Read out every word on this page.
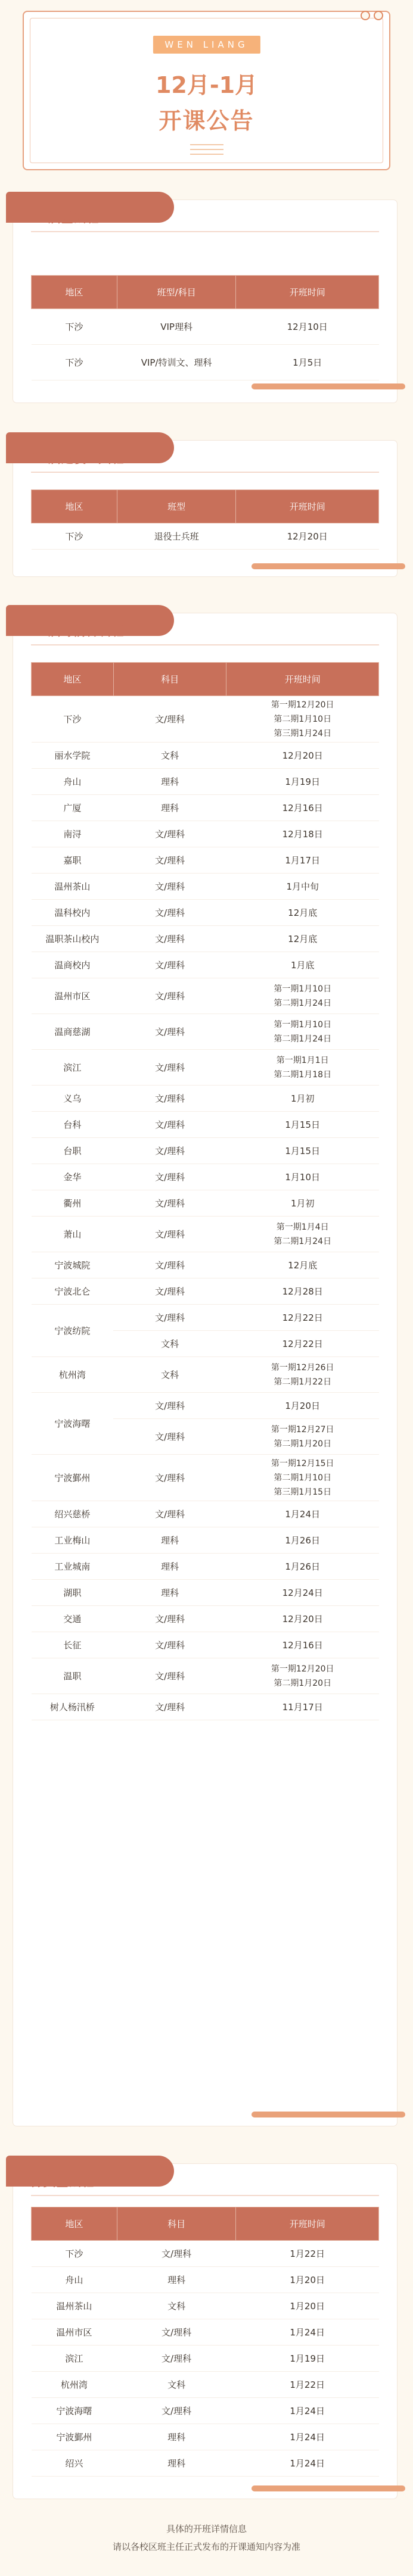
WEN LIANG
12月-1月
开课公告
26届基础班
地区	班型/科目	开班时间
下沙	VIP理科	12月10日
下沙	VIP/特训文、理科	1月5日
26届退役士兵班
地区	班型	开班时间
下沙	退役士兵班	12月20日
26届考前特训班
地区	科目	开班时间
下沙	文/理科	第一期12月20日
第二期1月10日
第三期1月24日
丽水学院	文科	12月20日
舟山	理科	1月19日
广厦	理科	12月16日
南浔	文/理科	12月18日
嘉职	文/理科	1月17日
温州茶山	文/理科	1月中旬
温科校内	文/理科	12月底
温职茶山校内	文/理科	12月底
温商校内	文/理科	1月底
温州市区	文/理科	第一期1月10日
第二期1月24日
温商慈湖	文/理科	第一期1月10日
第二期1月24日
滨江	文/理科	第一期1月1日
第二期1月18日
义乌	文/理科	1月初
台科	文/理科	1月15日
台职	文/理科	1月15日
金华	文/理科	1月10日
衢州	文/理科	1月初
萧山	文/理科	第一期1月4日
第二期1月24日
宁波城院	文/理科	12月底
宁波北仑	文/理科	12月28日
宁波纺院	文/理科	12月22日
	文科	12月22日
杭州湾	文科	第一期12月26日
第二期1月22日
宁波海曙	文/理科	1月20日
	文/理科	第一期12月27日
第二期1月20日
宁波鄞州	文/理科	第一期12月15日
第二期1月10日
第三期1月15日
绍兴慈桥	文/理科	1月24日
工业梅山	理科	1月26日
工业城南	理科	1月26日
湖职	理科	12月24日
交通	文/理科	12月20日
长征	文/理科	12月16日
温职	文/理科	第一期12月20日
第二期1月20日
树人杨汛桥	文/理科	11月17日
夯实基础班
地区	科目	开班时间
下沙	文/理科	1月22日
舟山	理科	1月20日
温州茶山	文科	1月20日
温州市区	文/理科	1月24日
滨江	文/理科	1月19日
杭州湾	文科	1月22日
宁波海曙	文/理科	1月24日
宁波鄞州	理科	1月24日
绍兴	理科	1月24日
具体的开班详情信息
请以各校区班主任正式发布的开课通知内容为准
